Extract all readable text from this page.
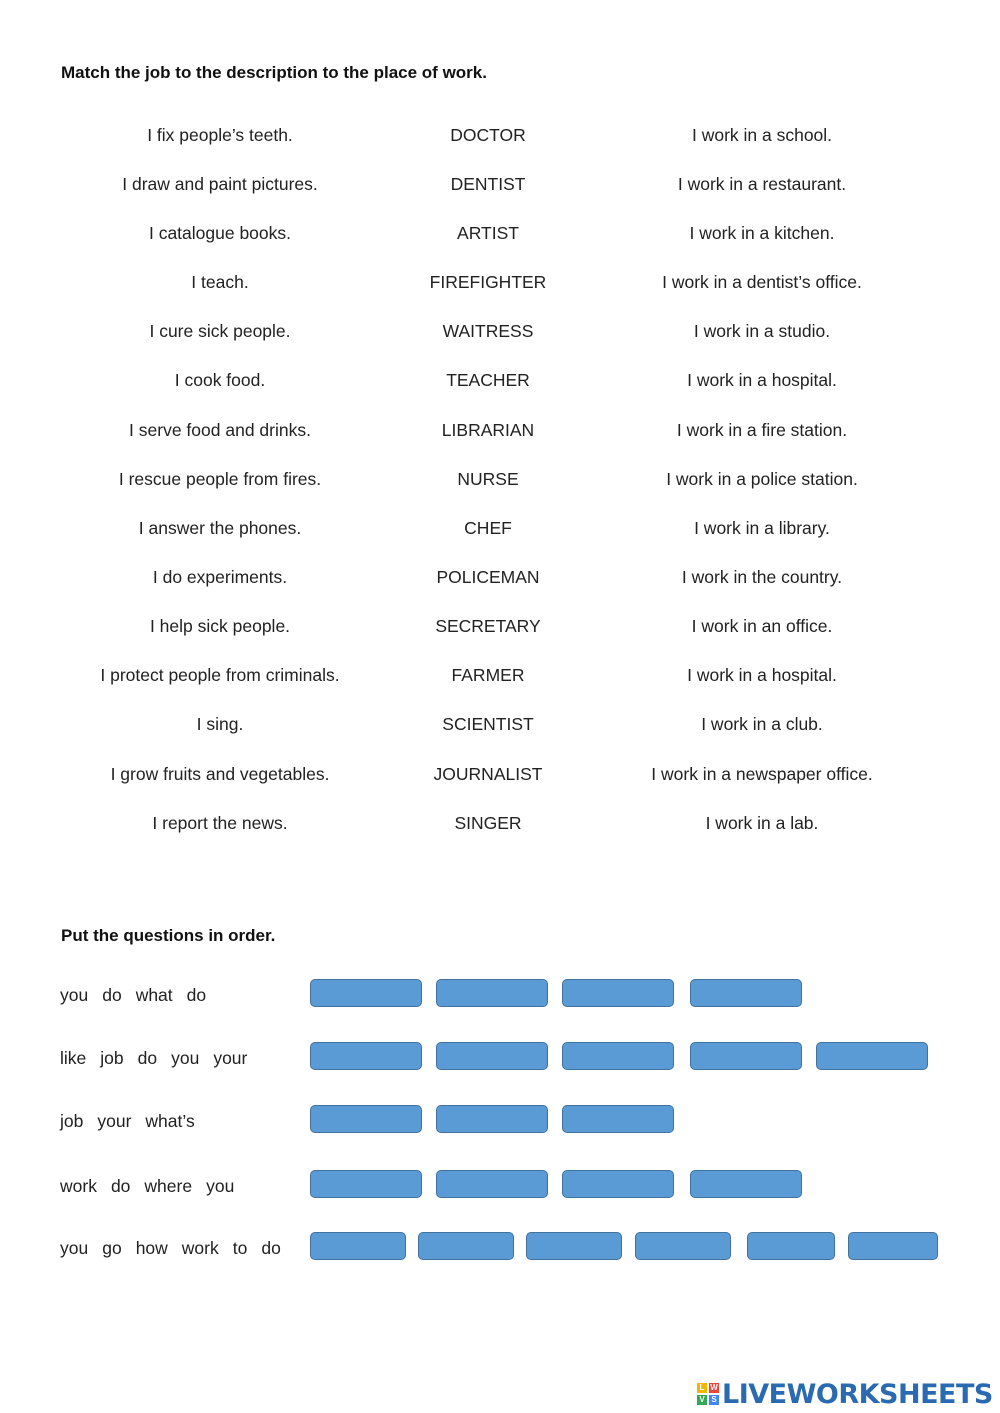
Match the job to the description to the place of work.
I fix people’s teeth.	DOCTOR	I work in a school.
I draw and paint pictures.	DENTIST	I work in a restaurant.
I catalogue books.	ARTIST	I work in a kitchen.
I teach.	FIREFIGHTER	I work in a dentist’s office.
I cure sick people.	WAITRESS	I work in a studio.
I cook food.	TEACHER	I work in a hospital.
I serve food and drinks.	LIBRARIAN	I work in a fire station.
I rescue people from fires.	NURSE	I work in a police station.
I answer the phones.	CHEF	I work in a library.
I do experiments.	POLICEMAN	I work in the country.
I help sick people.	SECRETARY	I work in an office.
I protect people from criminals.	FARMER	I work in a hospital.
I sing.	SCIENTIST	I work in a club.
I grow fruits and vegetables.	JOURNALIST	I work in a newspaper office.
I report the news.	SINGER	I work in a lab.
Put the questions in order.
you do what do
like job do you your
job your what’s
work do where you
you go how work to do
L W
V S LIVEWORKSHEETS
